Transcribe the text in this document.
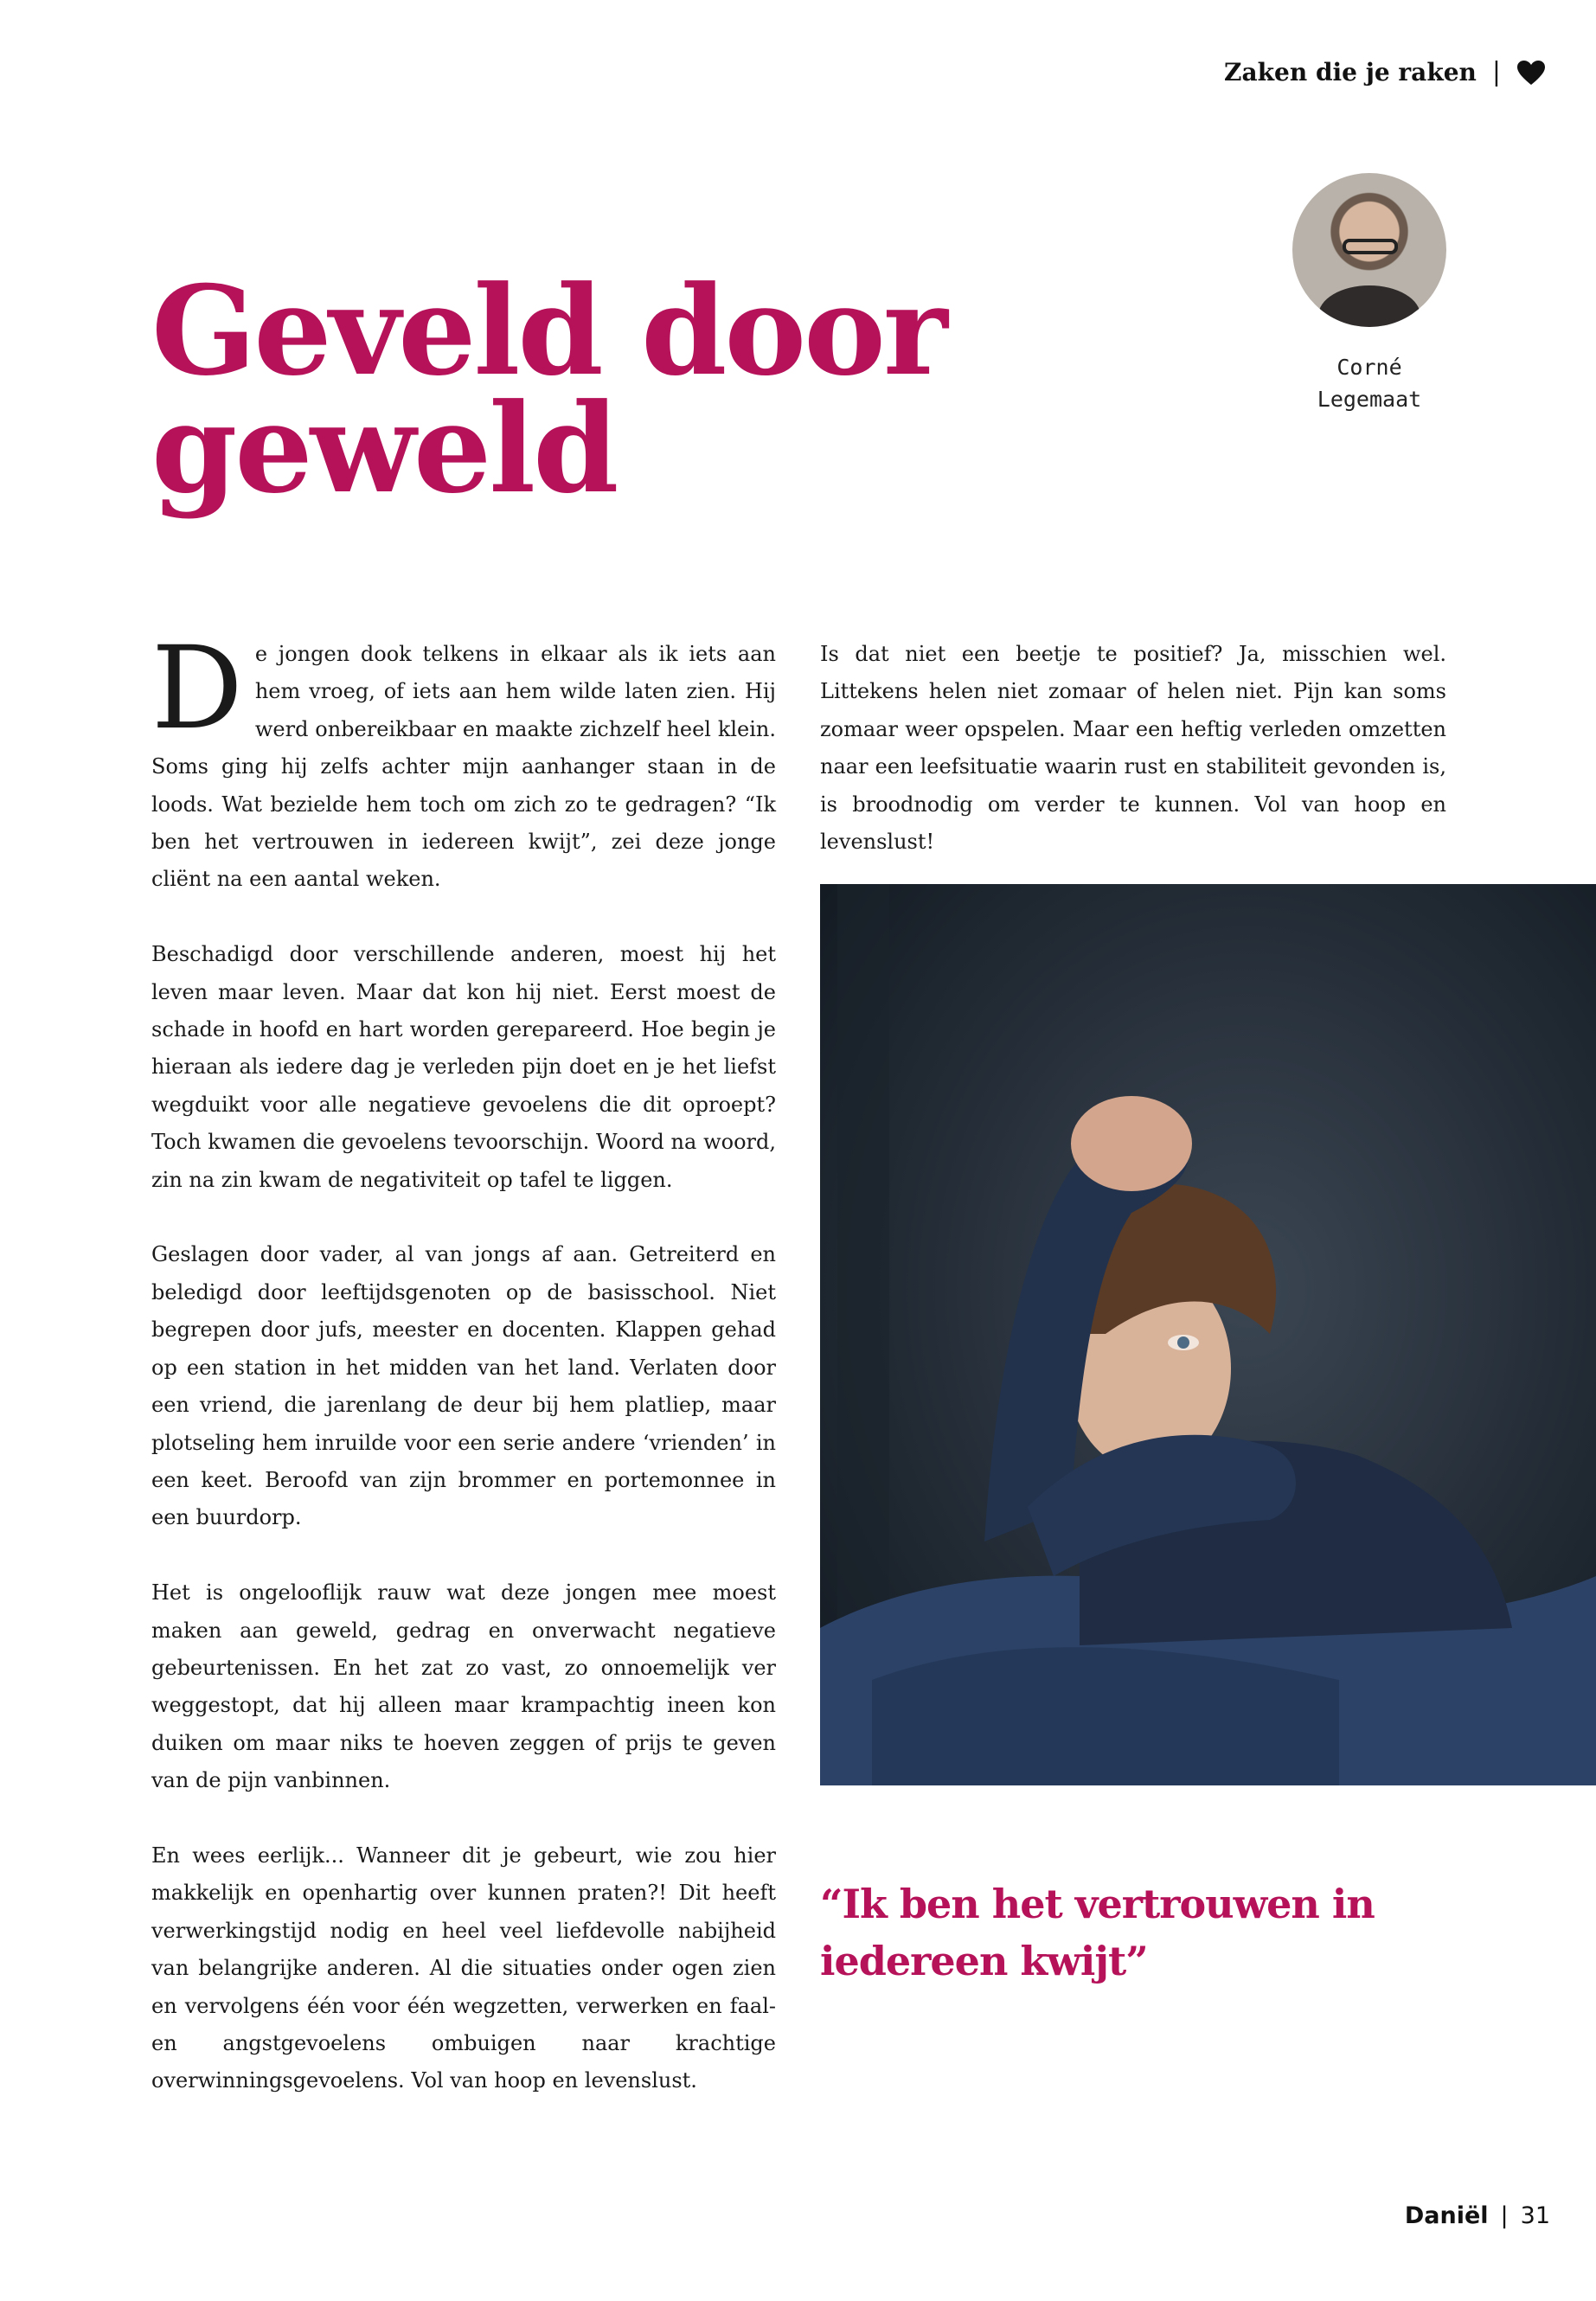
Zaken die je raken |
Geveld door geweld
Corné
Legemaat

De jongen dook telkens in elkaar als ik iets aan hem vroeg, of iets aan hem wilde laten zien. Hij werd onbereikbaar en maakte zichzelf heel klein. Soms ging hij zelfs achter mijn aanhanger staan in de loods. Wat bezielde hem toch om zich zo te gedragen? “Ik ben het vertrouwen in iedereen kwijt”, zei deze jonge cliënt na een aantal weken.

Beschadigd door verschillende anderen, moest hij het leven maar leven. Maar dat kon hij niet. Eerst moest de schade in hoofd en hart worden gerepareerd. Hoe begin je hieraan als iedere dag je verleden pijn doet en je het liefst wegduikt voor alle negatieve gevoelens die dit oproept? Toch kwamen die gevoelens tevoorschijn. Woord na woord, zin na zin kwam de negativiteit op tafel te liggen.

Geslagen door vader, al van jongs af aan. Getreiterd en beledigd door leeftijdsgenoten op de basisschool. Niet begrepen door jufs, meester en docenten. Klappen gehad op een station in het midden van het land. Verlaten door een vriend, die jarenlang de deur bij hem platliep, maar plotseling hem inruilde voor een serie andere ‘vrienden’ in een keet. Beroofd van zijn brommer en portemonnee in een buurdorp.

Het is ongelooflijk rauw wat deze jongen mee moest maken aan geweld, gedrag en onverwacht negatieve gebeurtenissen. En het zat zo vast, zo onnoemelijk ver weggestopt, dat hij alleen maar krampachtig ineen kon duiken om maar niks te hoeven zeggen of prijs te geven van de pijn vanbinnen.

En wees eerlijk... Wanneer dit je gebeurt, wie zou hier makkelijk en openhartig over kunnen praten?! Dit heeft verwerkingstijd nodig en heel veel liefdevolle nabijheid van belangrijke anderen. Al die situaties onder ogen zien en vervolgens één voor één wegzetten, verwerken en faal- en angstgevoelens ombuigen naar krachtige overwinningsgevoelens. Vol van hoop en levenslust.

Is dat niet een beetje te positief? Ja, misschien wel. Littekens helen niet zomaar of helen niet. Pijn kan soms zomaar weer opspelen. Maar een heftig verleden omzetten naar een leefsituatie waarin rust en stabiliteit gevonden is, is broodnodig om verder te kunnen. Vol van hoop en levenslust!

“Ik ben het vertrouwen in iedereen kwijt”

Daniël | 31
